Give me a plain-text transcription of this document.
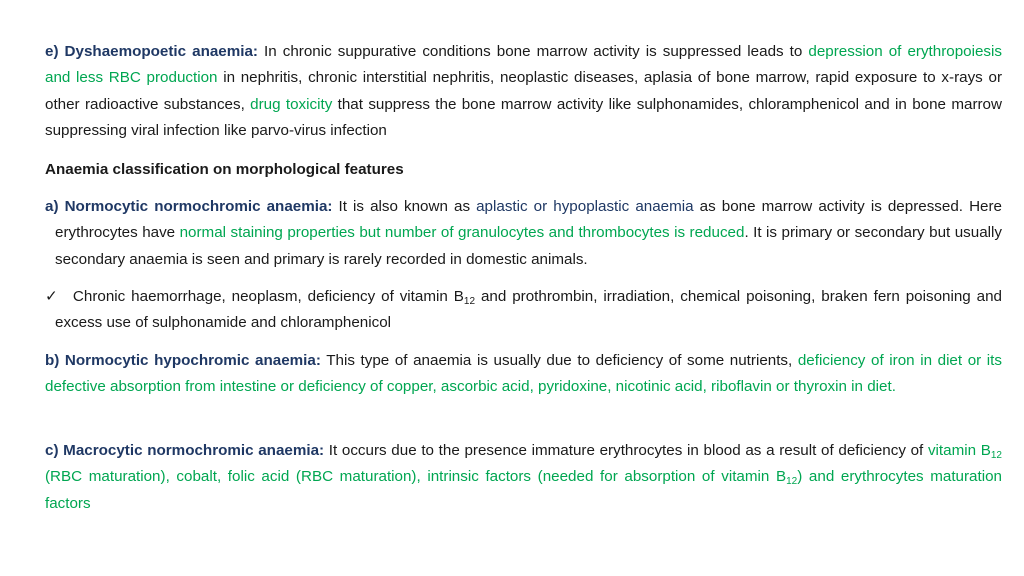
e) Dyshaemopoetic anaemia: In chronic suppurative conditions bone marrow activity is suppressed leads to depression of erythropoiesis and less RBC production in nephritis, chronic interstitial nephritis, neoplastic diseases, aplasia of bone marrow, rapid exposure to x-rays or other radioactive substances, drug toxicity that suppress the bone marrow activity like sulphonamides, chloramphenicol and in bone marrow suppressing viral infection like parvo-virus infection

Anaemia classification on morphological features

a) Normocytic normochromic anaemia: It is also known as aplastic or hypoplastic anaemia as bone marrow activity is depressed. Here erythrocytes have normal staining properties but number of granulocytes and thrombocytes is reduced. It is primary or secondary but usually secondary anaemia is seen and primary is rarely recorded in domestic animals.

✓ Chronic haemorrhage, neoplasm, deficiency of vitamin $B_{12}$ and prothrombin, irradiation, chemical poisoning, braken fern poisoning and excess use of sulphonamide and chloramphenicol

b) Normocytic hypochromic anaemia: This type of anaemia is usually due to deficiency of some nutrients, deficiency of iron in diet or its defective absorption from intestine or deficiency of copper, ascorbic acid, pyridoxine, nicotinic acid, riboflavin or thyroxin in diet.

c) Macrocytic normochromic anaemia: It occurs due to the presence immature erythrocytes in blood as a result of deficiency of vitamin $B_{12}$ (RBC maturation), cobalt, folic acid (RBC maturation), intrinsic factors (needed for absorption of vitamin $B_{12}$) and erythrocytes maturation factors
